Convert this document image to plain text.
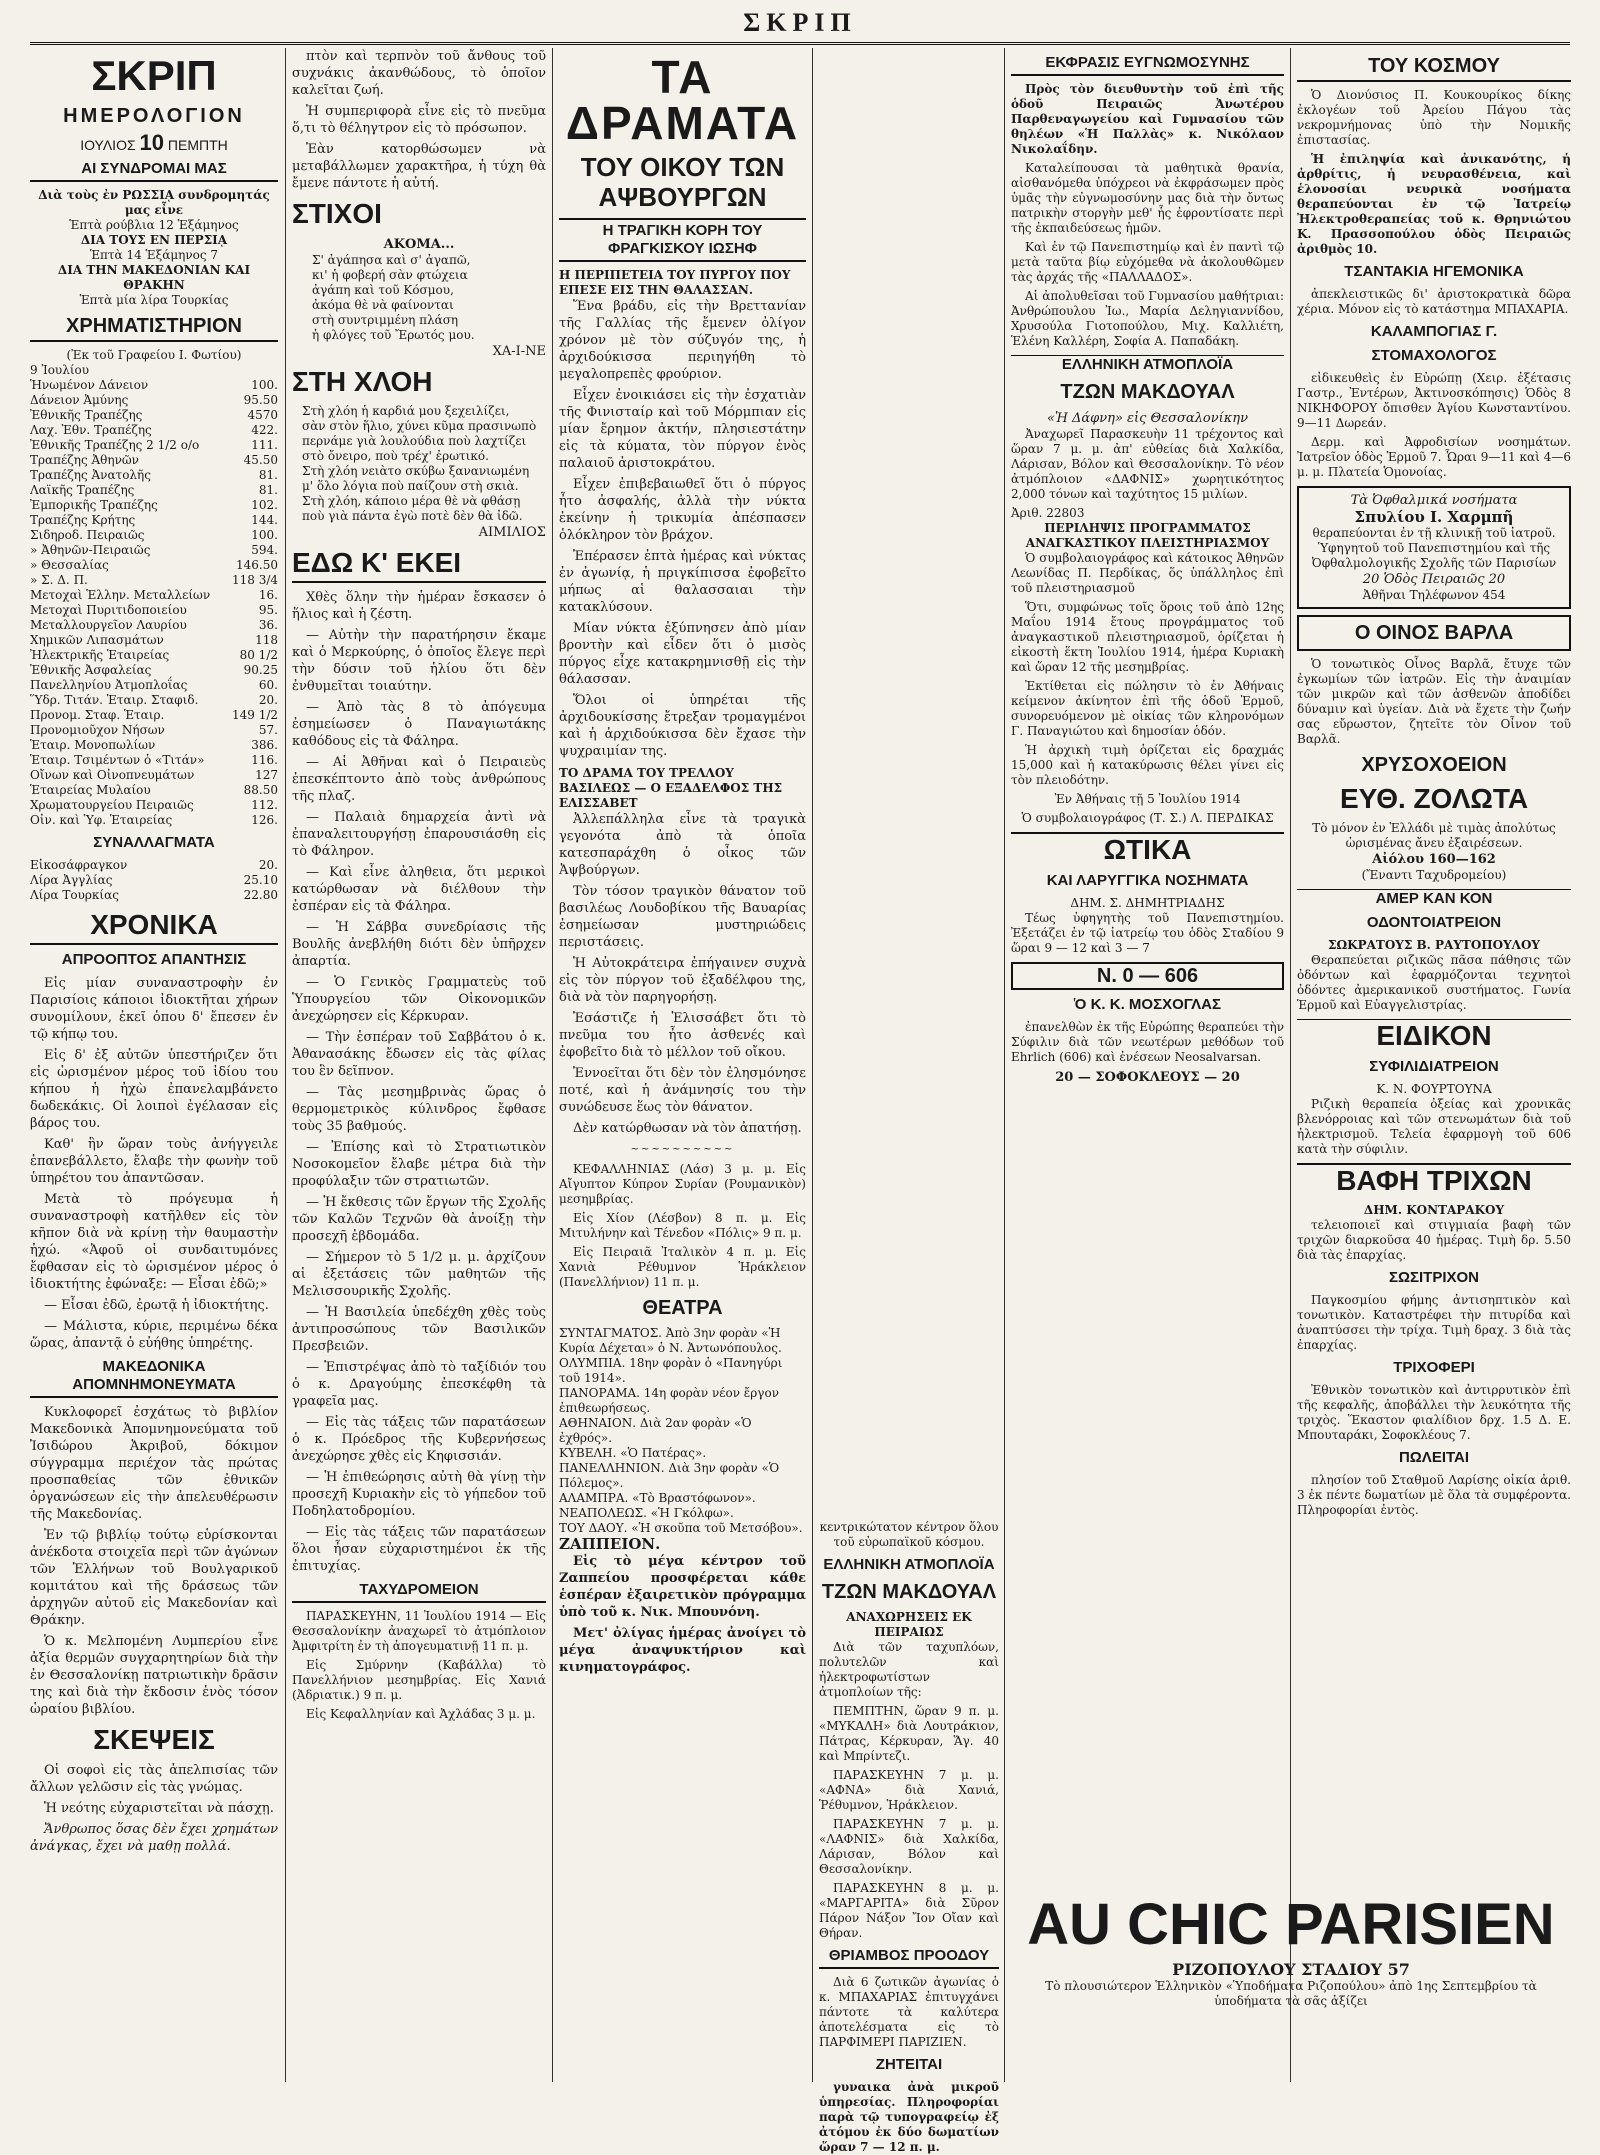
ΣΚΡΙΠ
ΣΚΡΙΠ
ΗΜΕΡΟΛΟΓΙΟΝ
ΙΟΥΛΙΟΣ 10 ΠΕΜΠΤΗ
ΑΙ ΣΥΝΔΡΟΜΑΙ ΜΑΣ
Διὰ τοὺς ἐν ΡΩΣΣΙᾼ συνδρομητάς μας εἶνε
Ἑπτὰ ρούβλια 12 Ἑξάμηνος
ΔΙΑ ΤΟΥΣ ΕΝ ΠΕΡΣΙᾼ
Ἑπτὰ 14 Ἑξάμηνος 7
ΔΙΑ ΤΗΝ ΜΑΚΕΔΟΝΙΑΝ ΚΑΙ ΘΡΑΚΗΝ
Ἑπτὰ μία λίρα Τουρκίας
ΧΡΗΜΑΤΙΣΤΗΡΙΟΝ
(Ἐκ τοῦ Γραφείου Ι. Φωτίου)
9 Ἰουλίου
Ἡνωμένον Δάνειον	100.
Δάνειον Ἀμύνης	95.50
Ἐθνικῆς Τραπέζης	4570
Λαχ. Ἐθν. Τραπέζης	422.
Ἐθνικῆς Τραπέζης 2 1/2 ο/ο	111.
Τραπέζης Ἀθηνῶν	45.50
Τραπέζης Ἀνατολῆς	81.
Λαϊκῆς Τραπέζης	81.
Ἐμπορικῆς Τραπέζης	102.
Τραπέζης Κρήτης	144.
Σιδηροδ. Πειραιῶς	100.
» Ἀθηνῶν-Πειραιῶς	594.
» Θεσσαλίας	146.50
» Σ. Δ. Π.	118 3/4
Μετοχαὶ Ἑλλην. Μεταλλείων	16.
Μετοχαὶ Πυριτιδοποιείου	95.
Μεταλλουργεῖον Λαυρίου	36.
Χημικῶν Λιπασμάτων	118
Ἠλεκτρικῆς Ἑταιρείας	80 1/2
Ἐθνικῆς Ἀσφαλείας	90.25
Πανελληνίου Ἀτμοπλοΐας	60.
Ὕδρ. Τιτάν. Ἑταιρ. Σταφιδ.	20.
Προνομ. Σταφ. Ἑταιρ.	149 1/2
Προνομιοῦχον Νήσων	57.
Ἑταιρ. Μονοπωλίων	386.
Ἑταιρ. Τσιμέντων ὁ «Τιτάν»	116.
Οἴνων καὶ Οἰνοπνευμάτων	127
Ἑταιρείας Μυλαίου	88.50
Χρωματουργείου Πειραιῶς	112.
Οἰν. καὶ Ὑφ. Ἑταιρείας	126.
ΣΥΝΑΛΛΑΓΜΑΤΑ
Εἰκοσάφραγκον	20.
Λίρα Ἀγγλίας	25.10
Λίρα Τουρκίας	22.80
ΧΡΟΝΙΚΑ
ΑΠΡΟΟΠΤΟΣ ΑΠΑΝΤΗΣΙΣ

Εἰς μίαν συναναστροφὴν ἐν Παρισίοις κάποιοι ἰδιοκτῆται χήρων συνομίλουν, ἐκεῖ ὁπου δ' ἔπεσεν ἐν τῷ κήπῳ του.

Εἰς δ' ἐξ αὐτῶν ὑπεστήριζεν ὅτι εἰς ὡρισμένον μέρος τοῦ ἰδίου του κήπου ἡ ἠχὼ ἐπανελαμβάνετο δωδεκάκις. Οἱ λοιποὶ ἐγέλασαν εἰς βάρος του.

Καθ' ἣν ὥραν τοὺς ἀνήγγειλε ἐπανεβάλλετο, ἔλαβε τὴν φωνὴν τοῦ ὑπηρέτου του ἀπαντῶσαν.

Μετὰ τὸ πρόγευμα ἡ συναναστροφὴ κατῆλθεν εἰς τὸν κῆπον διὰ νὰ κρίνῃ τὴν θαυμαστὴν ἠχώ. «Ἀφοῦ οἱ συνδαιτυμόνες ἔφθασαν εἰς τὸ ὡρισμένον μέρος ὁ ἰδιοκτήτης ἐφώναξε: — Εἶσαι ἐδῶ;»

— Εἶσαι ἐδῶ, ἐρωτᾷ ἡ ἰδιοκτήτης.

— Μάλιστα, κύριε, περιμένω δέκα ὥρας, ἀπαντᾷ ὁ εὐήθης ὑπηρέτης.

ΜΑΚΕΔΟΝΙΚΑ ΑΠΟΜΝΗΜΟΝΕΥΜΑΤΑ

Κυκλοφορεῖ ἐσχάτως τὸ βιβλίον Μακεδονικὰ Ἀπομνημονεύματα τοῦ Ἰσιδώρου Ἀκριβοῦ, δόκιμον σύγγραμμα περιέχον τὰς πρώτας προσπαθείας τῶν ἐθνικῶν ὀργανώσεων εἰς τὴν ἀπελευθέρωσιν τῆς Μακεδονίας.

Ἐν τῷ βιβλίῳ τούτῳ εὑρίσκονται ἀνέκδοτα στοιχεῖα περὶ τῶν ἀγώνων τῶν Ἑλλήνων τοῦ Βουλγαρικοῦ κομιτάτου καὶ τῆς δράσεως τῶν ἀρχηγῶν αὐτοῦ εἰς Μακεδονίαν καὶ Θράκην.

Ὁ κ. Μελπομένη Λυμπερίου εἶνε ἀξία θερμῶν συγχαρητηρίων διὰ τὴν ἐν Θεσσαλονίκῃ πατριωτικὴν δρᾶσιν της καὶ διὰ τὴν ἔκδοσιν ἑνὸς τόσον ὡραίου βιβλίου.

ΣΚΕΨΕΙΣ

Οἱ σοφοὶ εἰς τὰς ἀπελπισίας τῶν ἄλλων γελῶσιν εἰς τὰς γνώμας.

Ἡ νεότης εὐχαριστεῖται νὰ πάσχῃ.

Ἄνθρωπος ὅσας δὲν ἔχει χρημάτων ἀνάγκας, ἔχει νὰ μαθῃ πολλά.

πτὸν καὶ τερπνὸν τοῦ ἄνθους τοῦ συχνάκις ἀκανθώδους, τὸ ὁποῖον καλεῖται ζωή.

Ἡ συμπεριφορὰ εἶνε εἰς τὸ πνεῦμα ὅ,τι τὸ θέληγτρον εἰς τὸ πρόσωπον.

Ἐὰν κατορθώσωμεν νὰ μεταβάλλωμεν χαρακτῆρα, ἡ τύχη θὰ ἔμενε πάντοτε ἡ αὐτή.

ΣΤΙΧΟΙ
ΑΚΟΜΑ...
Σ' ἀγάπησα καὶ σ' ἀγαπῶ,
κι' ἡ φοβερή σὰν φτώχεια
ἀγάπη καὶ τοῦ Κόσμου,
ἀκόμα θὲ νὰ φαίνονται
στὴ συντριμμένη πλάση
ἡ φλόγες τοῦ Ἔρωτός μου.
ΧΑ-Ι-ΝΕ
ΣΤΗ ΧΛΟΗ
Στὴ χλόη ἡ καρδιά μου ξεχειλίζει,
σὰν στὸν ἥλιο, χύνει κῦμα πρασινωπὸ
περνάμε γιὰ λουλούδια ποὺ λαχτίζει
στὸ ὄνειρο, ποὺ τρέχ' ἐρωτικό.
Στὴ χλόη νειὰτο σκύβω ξανανιωμένη
μ' ὅλο λόγια ποὺ παίζουν στὴ σκιὰ.
Στὴ χλόη, κάποιο μέρα θὲ νὰ φθάσῃ
ποὺ γιὰ πάντα ἐγὼ ποτὲ δὲν θὰ ἰδῶ.
ΑΙΜΙΛΙΟΣ
ΕΔΩ Κ' ΕΚΕΙ

Χθὲς ὅλην τὴν ἡμέραν ἔσκασεν ὁ ἥλιος καὶ ἡ ζέστη.

— Αὐτὴν τὴν παρατήρησιν ἔκαμε καὶ ὁ Μερκούρης, ὁ ὁποῖος ἔλεγε περὶ τὴν δύσιν τοῦ ἡλίου ὅτι δὲν ἐνθυμεῖται τοιαύτην.

— Ἀπὸ τὰς 8 τὸ ἀπόγευμα ἐσημείωσεν ὁ Παναγιωτάκης καθόδους εἰς τὰ Φάληρα.

— Αἱ Ἀθῆναι καὶ ὁ Πειραιεὺς ἐπεσκέπτοντο ἀπὸ τοὺς ἀνθρώπους τῆς πλαζ.

— Παλαιὰ δημαρχεία ἀντὶ νὰ ἐπαναλειτουργήσῃ ἐπαρουσιάσθη εἰς τὸ Φάληρον.

— Καὶ εἶνε ἀληθεια, ὅτι μερικοὶ κατώρθωσαν νὰ διέλθουν τὴν ἑσπέραν εἰς τὰ Φάληρα.

— Ἡ Σάββα συνεδρίασις τῆς Βουλῆς ἀνεβλήθη διότι δὲν ὑπῆρχεν ἀπαρτία.

— Ὁ Γενικὸς Γραμματεὺς τοῦ Ὑπουργείου τῶν Οἰκονομικῶν ἀνεχώρησεν εἰς Κέρκυραν.

— Τὴν ἑσπέραν τοῦ Σαββάτου ὁ κ. Ἀθανασάκης ἔδωσεν εἰς τὰς φίλας του ἓν δεῖπνον.

— Τὰς μεσημβρινὰς ὥρας ὁ θερμομετρικὸς κύλινδρος ἔφθασε τοὺς 35 βαθμούς.

— Ἐπίσης καὶ τὸ Στρατιωτικὸν Νοσοκομεῖον ἔλαβε μέτρα διὰ τὴν προφύλαξιν τῶν στρατιωτῶν.

— Ἡ ἔκθεσις τῶν ἔργων τῆς Σχολῆς τῶν Καλῶν Τεχνῶν θὰ ἀνοίξῃ τὴν προσεχῆ ἑβδομάδα.

— Σήμερον τὸ 5 1/2 μ. μ. ἀρχίζουν αἱ ἐξετάσεις τῶν μαθητῶν τῆς Μελισσουρικῆς Σχολῆς.

— Ἡ Βασιλεία ὑπεδέχθη χθὲς τοὺς ἀντιπροσώπους τῶν Βασιλικῶν Πρεσβειῶν.

— Ἐπιστρέψας ἀπὸ τὸ ταξίδιόν του ὁ κ. Δραγούμης ἐπεσκέφθη τὰ γραφεῖα μας.

— Εἰς τὰς τάξεις τῶν παρατάσεων ὁ κ. Πρόεδρος τῆς Κυβερνήσεως ἀνεχώρησε χθὲς εἰς Κηφισσιάν.

— Ἡ ἐπιθεώρησις αὐτὴ θὰ γίνῃ τὴν προσεχῆ Κυριακὴν εἰς τὸ γήπεδον τοῦ Ποδηλατοδρομίου.

— Εἰς τὰς τάξεις τῶν παρατάσεων ὅλοι ἦσαν εὐχαριστημένοι ἐκ τῆς ἐπιτυχίας.

ΤΑΧΥΔΡΟΜΕΙΟΝ

ΠΑΡΑΣΚΕΥΗΝ, 11 Ἰουλίου 1914 — Εἰς Θεσσαλονίκην ἀναχωρεῖ τὸ ἀτμόπλοιον Ἀμφιτρίτη ἐν τὴ ἀπογευματινῇ 11 π. μ.

Εἰς Σμύρνην (Καβάλλα) τὸ Πανελλήνιον μεσημβρίας. Εἰς Χανιά (Ἀδριατικ.) 9 π. μ.

Εἰς Κεφαλληνίαν καὶ Ἀχλάδας 3 μ. μ.

ΤΑ ΔΡΑΜΑΤΑ
ΤΟΥ ΟΙΚΟΥ ΤΩΝ ΑΨΒΟΥΡΓΩΝ
Η ΤΡΑΓΙΚΗ ΚΟΡΗ ΤΟΥ ΦΡΑΓΚΙΣΚΟΥ ΙΩΣΗΦ
Η ΠΕΡΙΠΕΤΕΙΑ ΤΟΥ ΠΥΡΓΟΥ ΠΟΥ ΕΠΕΣΕ ΕΙΣ ΤΗΝ ΘΑΛΑΣΣΑΝ.

Ἕνα βράδυ, εἰς τὴν Βρεττανίαν τῆς Γαλλίας τῆς ἔμενεν ὀλίγον χρόνον μὲ τὸν σύζυγόν της, ἡ ἀρχιδούκισσα περιηγήθη τὸ μεγαλοπρεπὲς φρούριον.

Εἶχεν ἐνοικιάσει εἰς τὴν ἐσχατιὰν τῆς Φινισταίρ καὶ τοῦ Μόρμπιαν εἰς μίαν ἔρημον ἀκτήν, πλησιεστάτην εἰς τὰ κύματα, τὸν πύργον ἑνὸς παλαιοῦ ἀριστοκράτου.

Εἶχεν ἐπιβεβαιωθεῖ ὅτι ὁ πύργος ἦτο ἀσφαλής, ἀλλὰ τὴν νύκτα ἐκείνην ἡ τρικυμία ἀπέσπασεν ὁλόκληρον τὸν βράχον.

Ἐπέρασεν ἑπτὰ ἡμέρας καὶ νύκτας ἐν ἀγωνίᾳ, ἡ πριγκίπισσα ἐφοβεῖτο μήπως αἱ θαλασσαιαι τὴν κατακλύσουν.

Μίαν νύκτα ἐξύπνησεν ἀπὸ μίαν βροντὴν καὶ εἶδεν ὅτι ὁ μισὸς πύργος εἶχε κατακρημνισθῇ εἰς τὴν θάλασσαν.

Ὅλοι οἱ ὑπηρέται τῆς ἀρχιδουκίσσης ἔτρεξαν τρομαγμένοι καὶ ἡ ἀρχιδούκισσα δὲν ἔχασε τὴν ψυχραιμίαν της.

ΤΟ ΔΡΑΜΑ ΤΟΥ ΤΡΕΛΛΟΥ ΒΑΣΙΛΕΩΣ — Ο ΕΞΑΔΕΛΦΟΣ ΤΗΣ ΕΛΙΣΣΑΒΕΤ

Ἀλλεπάλληλα εἶνε τὰ τραγικὰ γεγονότα ἀπὸ τὰ ὁποῖα κατεσπαράχθη ὁ οἶκος τῶν Ἀψβούργων.

Τὸν τόσον τραγικὸν θάνατον τοῦ βασιλέως Λουδοβίκου τῆς Βαυαρίας ἐσημείωσαν μυστηριώδεις περιστάσεις.

Ἡ Αὐτοκράτειρα ἐπήγαινεν συχνὰ εἰς τὸν πύργον τοῦ ἐξαδέλφου της, διὰ νὰ τὸν παρηγορήσῃ.

Ἐσάστιζε ἡ Ἐλισσάβετ ὅτι τὸ πνεῦμα του ἦτο ἀσθενές καὶ ἐφοβεῖτο διὰ τὸ μέλλον τοῦ οἴκου.

Ἐννοεῖται ὅτι δὲν τὸν ἐλησμόνησε ποτέ, καὶ ἡ ἀνάμνησίς του τὴν συνώδευσε ἕως τὸν θάνατον.

Δὲν κατώρθωσαν νὰ τὸν ἀπατήσῃ.

~~~~~~~~~~

ΚΕΦΑΛΛΗΝΙΑΣ (Λάσ) 3 μ. μ. Εἰς Αἴγυπτον Κύπρον Συρίαν (Ρουμανικὸν) μεσημβρίας.

Εἰς Χίον (Λέσβον) 8 π. μ. Εἰς Μιτυλήνην καὶ Τένεδον «Πόλις» 9 π. μ.

Εἰς Πειραιᾶ Ἰταλικὸν 4 π. μ. Εἰς Χανιὰ Ρέθυμνον Ἡράκλειον (Πανελλήνιον) 11 π. μ.

ΘΕΑΤΡΑ
ΣΥΝΤΑΓΜΑΤΟΣ. Ἀπὸ 3ην φορὰν «Ἡ Κυρία Δέχεται» ὁ Ν. Ἀντωνόπουλος.
ΟΛΥΜΠΙΑ. 18ην φορὰν ὁ «Πανηγύρι τοῦ 1914».
ΠΑΝΟΡΑΜΑ. 14η φορὰν νέον ἔργον ἐπιθεωρήσεως.
ΑΘΗΝΑΙΟΝ. Διὰ 2αν φορὰν «Ὁ ἐχθρός».
ΚΥΒΕΛΗ. «Ὁ Πατέρας».
ΠΑΝΕΛΛΗΝΙΟΝ. Διὰ 3ην φορὰν «Ὁ Πόλεμος».
ΑΛΑΜΠΡΑ. «Τὸ Βραστόφωνον».
ΝΕΑΠΟΛΕΩΣ. «Ἡ Γκόλφω».
ΤΟΥ ΔΑΟΥ. «Ἡ σκοῦπα τοῦ Μετσόβου».
ΖΑΠΠΕΙΟΝ.

Εἰς τὸ μέγα κέντρον τοῦ Ζαππείου προσφέρεται κάθε ἑσπέραν ἐξαιρετικὸν πρόγραμμα ὑπὸ τοῦ κ. Νικ. Μπουνόνη.

Μετ' ὀλίγας ἡμέρας ἀνοίγει τὸ μέγα ἀναψυκτήριον καὶ κινηματογράφος.

κεντρικώτατον κέντρον ὅλου τοῦ εὐρωπαϊκοῦ κόσμου.

ΕΛΛΗΝΙΚΗ ΑΤΜΟΠΛΟΪΑ
ΤΖΩΝ ΜΑΚΔΟΥΑΛ
ΑΝΑΧΩΡΗΣΕΙΣ ΕΚ ΠΕΙΡΑΙΩΣ

Διὰ τῶν ταχυπλόων, πολυτελῶν καὶ ἠλεκτροφωτίστων ἀτμοπλοίων τῆς:

ΠΕΜΠΤΗΝ, ὥραν 9 π. μ. «ΜΥΚΑΛΗ» διὰ Λουτράκιον, Πάτρας, Κέρκυραν, Ἅγ. 40 καὶ Μπρίντεζι.

ΠΑΡΑΣΚΕΥΗΝ 7 μ. μ. «ΑΦΝΑ» διὰ Χανιά, Ῥέθυμνον, Ἡράκλειον.

ΠΑΡΑΣΚΕΥΗΝ 7 μ. μ. «ΛΑΦΝΙΣ» διὰ Χαλκίδα, Λάρισαν, Βόλον καὶ Θεσσαλονίκην.

ΠΑΡΑΣΚΕΥΗΝ 8 μ. μ. «ΜΑΡΓΑΡΙΤΑ» διὰ Σῦρον Πάρον Νάξον Ἴον Οἴαν καὶ Θήραν.

ΘΡΙΑΜΒΟΣ ΠΡΟΟΔΟΥ

Διὰ 6 ζωτικῶν ἀγωνίας ὁ κ. ΜΠΑΧΑΡΙΑΣ ἐπιτυγχάνει πάντοτε τὰ καλύτερα ἀποτελέσματα εἰς τὸ ΠΑΡΦΙΜΕΡΙ ΠΑΡΙΖΙΕΝ.

ΖΗΤΕΙΤΑΙ

γυναικα ἀνὰ μικροῦ ὑπηρεσίας. Πληροφορίαι παρὰ τῷ τυπογραφείῳ ἐξ ἀτόμου ἐκ δύο δωματίων ὥραν 7 — 12 π. μ.

ΕΚΦΡΑΣΙΣ ΕΥΓΝΩΜΟΣΥΝΗΣ

Πρὸς τὸν διευθυντὴν τοῦ ἐπὶ τῆς ὁδοῦ Πειραιῶς Ἀνωτέρου Παρθεναγωγείου καὶ Γυμνασίου τῶν θηλέων «Ἡ Παλλὰς» κ. Νικόλαον Νικολαΐδην.

Καταλείπουσαι τὰ μαθητικὰ θρανία, αἰσθανόμεθα ὑπόχρεοι νὰ ἐκφράσωμεν πρὸς ὑμᾶς τὴν εὐγνωμοσύνην μας διὰ τὴν ὄντως πατρικὴν στοργὴν μεθ' ἧς ἐφροντίσατε περὶ τῆς ἐκπαιδεύσεως ἡμῶν.

Καὶ ἐν τῷ Πανεπιστημίῳ καὶ ἐν παντὶ τῷ μετὰ ταῦτα βίῳ εὐχόμεθα νὰ ἀκολουθῶμεν τὰς ἀρχάς τῆς «ΠΑΛΛΑΔΟΣ».

Αἱ ἀπολυθεῖσαι τοῦ Γυμνασίου μαθήτριαι: Ἀνθρώπουλου Ἰω., Μαρία Δεληγιαννίδου, Χρυσούλα Γιοτοπούλου, Μιχ. Καλλιέτη, Ἑλένη Καλλέρη, Σοφία Α. Παπαδάκη.

ΕΛΛΗΝΙΚΗ ΑΤΜΟΠΛΟΪΑ
ΤΖΩΝ ΜΑΚΔΟΥΑΛ
«Ἡ Δάφνη» εἰς Θεσσαλονίκην

Ἀναχωρεῖ Παρασκευὴν 11 τρέχοντος καὶ ὥραν 7 μ. μ. ἀπ' εὐθείας διὰ Χαλκίδα, Λάρισαν, Βόλον καὶ Θεσσαλονίκην. Τὸ νέον ἀτμόπλοιον «ΔΑΦΝΙΣ» χωρητικότητος 2,000 τόνων καὶ ταχύτητος 15 μιλίων.

Ἀριθ. 22803
ΠΕΡΙΛΗΨΙΣ ΠΡΟΓΡΑΜΜΑΤΟΣ ΑΝΑΓΚΑΣΤΙΚΟΥ ΠΛΕΙΣΤΗΡΙΑΣΜΟΥ

Ὁ συμβολαιογράφος καὶ κάτοικος Ἀθηνῶν Λεωνίδας Π. Περδίκας, ὅς ὑπάλληλος ἐπὶ τοῦ πλειστηριασμοῦ

Ὅτι, συμφώνως τοῖς ὅροις τοῦ ἀπὸ 12ης Μαΐου 1914 ἔτους προγράμματος τοῦ ἀναγκαστικοῦ πλειστηριασμοῦ, ὁρίζεται ἡ εἰκοστὴ ἕκτη Ἰουλίου 1914, ἡμέρα Κυριακὴ καὶ ὥραν 12 τῆς μεσημβρίας.

Ἐκτίθεται εἰς πώλησιν τὸ ἐν Ἀθήναις κείμενον ἀκίνητον ἐπὶ τῆς ὁδοῦ Ἑρμοῦ, συνορευόμενον μὲ οἰκίας τῶν κληρονόμων Γ. Παναγιώτου καὶ δημοσίαν ὁδόν.

Ἡ ἀρχικὴ τιμὴ ὁρίζεται εἰς δραχμάς 15,000 καὶ ἡ κατακύρωσις θέλει γίνει εἰς τὸν πλειοδότην.

Ἐν Ἀθήναις τῇ 5 Ἰουλίου 1914

Ὁ συμβολαιογράφος (Τ. Σ.) Λ. ΠΕΡΔΙΚΑΣ

ΩΤΙΚΑ
ΚΑΙ ΛΑΡΥΓΓΙΚΑ ΝΟΣΗΜΑΤΑ
ΔΗΜ. Σ. ΔΗΜΗΤΡΙΑΔΗΣ

Τέως ὑφηγητὴς τοῦ Πανεπιστημίου. Ἐξετάζει ἐν τῷ ἰατρείῳ του ὁδὸς Σταδίου 9 ὥραι 9 — 12 καὶ 3 — 7

Ν. 0 — 606
Ὁ Κ. Κ. ΜΟΣΧΟΓΛΑΣ

ἐπανελθὼν ἐκ τῆς Εὐρώπης θεραπεύει τὴν Σύφιλιν διὰ τῶν νεωτέρων μεθόδων τοῦ Ehrlich (606) καὶ ἐνέσεων Neosalvarsan.

20 — ΣΟΦΟΚΛΕΟΥΣ — 20
AU CHIC PARISIEN
ΡΙΖΟΠΟΥΛΟΥ ΣΤΑΔΙΟΥ 57
Τὸ πλουσιώτερον Ἑλληνικὸν «Ὑποδήματα Ριζοπούλου» ἀπὸ 1ης Σεπτεμβρίου τὰ ὑποδήματα τὰ σᾶς ἀξίζει
ΤΟΥ ΚΟΣΜΟΥ

Ὁ Διονύσιος Π. Κουκουρίκος δίκης ἐκλογέων τοῦ Ἀρείου Πάγου τὰς νεκρομνήμονας ὑπὸ τὴν Νομικῆς ἐπιστασίας.

Ἡ ἐπιληψία καὶ ἀνικανότης, ἡ ἀρθρίτις, ἡ νευρασθένεια, καὶ ἑλονοσίαι νευρικὰ νοσήματα θεραπεύονται ἐν τῷ Ἰατρείῳ Ἠλεκτροθεραπείας τοῦ κ. Θρηνιώτου Κ. Πρασσοπούλου ὁδὸς Πειραιῶς ἀριθμὸς 10.

ΤΣΑΝΤΑΚΙΑ ΗΓΕΜΟΝΙΚΑ

ἀπεκλειστικῶς δι' ἀριστοκρατικὰ δῶρα χέρια. Μόνον εἰς τὸ κατάστημα ΜΠΑΧΑΡΙΑ.

ΚΑΛΑΜΠΟΓΙΑΣ Γ.
ΣΤΟΜΑΧΟΛΟΓΟΣ

εἰδικευθεὶς ἐν Εὐρώπῃ (Χειρ. ἐξέτασις Γαστρ., Ἐντέρων, Ἀκτινοσκόπησις) Ὁδὸς 8 ΝΙΚΗΦΟΡΟΥ ὄπισθεν Ἁγίου Κωνσταντίνου. 9—11 Δωρεάν.

Δερμ. καὶ Ἀφροδισίων νοσημάτων. Ἰατρεῖον ὁδὸς Ἑρμοῦ 7. Ὧραι 9—11 καὶ 4—6 μ. μ. Πλατεία Ὁμονοίας.

Τὰ Ὀφθαλμικά νοσήματα
Σπυλίου Ι. Χαρμπῆ
θεραπεύονται ἐν τῇ κλινικῇ τοῦ ἰατροῦ. Ὑφηγητοῦ τοῦ Πανεπιστημίου καὶ τῆς Ὀφθαλμολογικῆς Σχολῆς τῶν Παρισίων
20 Ὁδὸς Πειραιῶς 20
Ἀθῆναι Τηλέφωνον 454
Ο ΟΙΝΟΣ ΒΑΡΛΑ

Ὁ τονωτικὸς Οἶνος Βαρλᾶ, ἔτυχε τῶν ἐγκωμίων τῶν ἰατρῶν. Εἰς τὴν ἀναιμίαν τῶν μικρῶν καὶ τῶν ἀσθενῶν ἀποδίδει δύναμιν καὶ ὑγείαν. Διὰ νὰ ἔχετε τὴν ζωήν σας εὔρωστον, ζητεῖτε τὸν Οἶνον τοῦ Βαρλᾶ.

ΧΡΥΣΟΧΟΕΙΟΝ
ΕΥΘ. ΖΟΛΩΤΑ
Τὸ μόνον ἐν Ἑλλάδι μὲ τιμὰς ἀπολύτως ὡρισμένας ἄνευ ἐξαιρέσεων.
Αἰόλου 160—162
(Ἔναντι Ταχυδρομείου)
ΑΜΕΡ ΚΑΝ ΚΟΝ
ΟΔΟΝΤΟΙΑΤΡΕΙΟΝ
ΣΩΚΡΑΤΟΥΣ Β. ΡΑΥΤΟΠΟΥΛΟΥ

Θεραπεύεται ριζικῶς πᾶσα πάθησις τῶν ὀδόντων καὶ ἐφαρμόζονται τεχνητοὶ ὀδόντες ἀμερικανικοῦ συστήματος. Γωνία Ἑρμοῦ καὶ Εὐαγγελιστρίας.

ΕΙΔΙΚΟΝ
ΣΥΦΙΛΙΔΙΑΤΡΕΙΟΝ
Κ. Ν. ΦΟΥΡΤΟΥΝΑ

Ριζικὴ θεραπεία ὀξείας καὶ χρονικᾶς βλενόρροιας καὶ τῶν στενωμάτων διὰ τοῦ ἠλεκτρισμοῦ. Τελεία ἐφαρμογὴ τοῦ 606 κατὰ τὴν σύφιλιν.

ΒΑΦΗ ΤΡΙΧΩΝ
ΔΗΜ. ΚΟΝΤΑΡΑΚΟΥ

τελειοποιεῖ καὶ στιγμιαία βαφὴ τῶν τριχῶν διαρκοῦσα 40 ἡμέρας. Τιμὴ δρ. 5.50 διὰ τὰς ἐπαρχίας.

ΣΩΣΙΤΡΙΧΟΝ

Παγκοσμίου φήμης ἀντισηπτικὸν καὶ τονωτικὸν. Καταστρέφει τὴν πιτυρίδα καὶ ἀναπτύσσει τὴν τρίχα. Τιμὴ δραχ. 3 διὰ τὰς ἐπαρχίας.

ΤΡΙΧΟΦΕΡΙ

Ἐθνικὸν τονωτικὸν καὶ ἀντιρρυτικὸν ἐπὶ τῆς κεφαλῆς, ἀποβάλλει τὴν λευκότητα τῆς τριχὸς. Ἕκαστον φιαλίδιον δρχ. 1.5 Δ. Ε. Μπουταράκι, Σοφοκλέους 7.

ΠΩΛΕΙΤΑΙ

πλησίον τοῦ Σταθμοῦ Λαρίσης οἰκία ἀριθ. 3 ἐκ πέντε δωματίων μὲ ὅλα τὰ συμφέροντα. Πληροφορίαι ἐντὸς.
